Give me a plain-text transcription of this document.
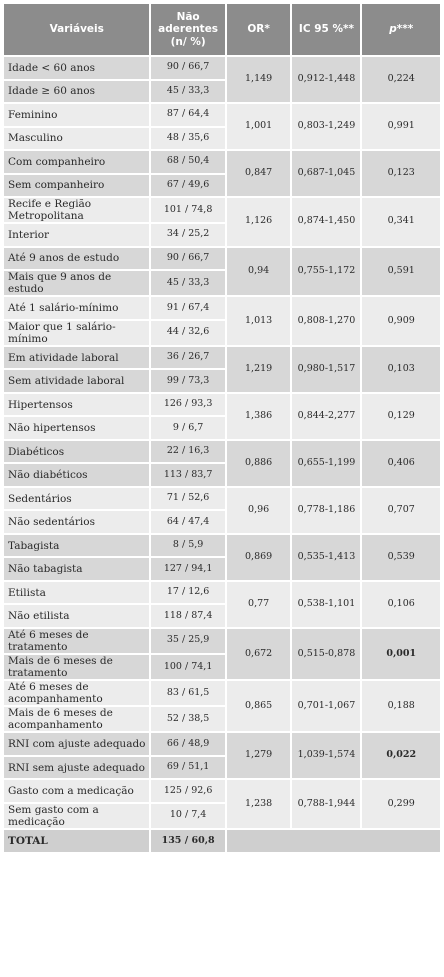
Variáveis	Não aderentes (n/ %)	OR*	IC 95 %**	p***
Idade < 60 anos	90 / 66,7	1,149	0,912-1,448	0,224
Idade ≥ 60 anos	45 / 33,3			
Feminino	87 / 64,4	1,001	0,803-1,249	0,991
Masculino	48 / 35,6			
Com companheiro	68 / 50,4	0,847	0,687-1,045	0,123
Sem companheiro	67 / 49,6			
Recife e Região Metropolitana	101 / 74,8	1,126	0,874-1,450	0,341
Interior	34 / 25,2			
Até 9 anos de estudo	90 / 66,7	0,94	0,755-1,172	0,591
Mais que 9 anos de estudo	45 / 33,3			
Até 1 salário-mínimo	91 / 67,4	1,013	0,808-1,270	0,909
Maior que 1 salário-mínimo	44 / 32,6			
Em atividade laboral	36 / 26,7	1,219	0,980-1,517	0,103
Sem atividade laboral	99 / 73,3			
Hipertensos	126 / 93,3	1,386	0,844-2,277	0,129
Não hipertensos	9 / 6,7			
Diabéticos	22 / 16,3	0,886	0,655-1,199	0,406
Não diabéticos	113 / 83,7			
Sedentários	71 / 52,6	0,96	0,778-1,186	0,707
Não sedentários	64 / 47,4			
Tabagista	8 / 5,9	0,869	0,535-1,413	0,539
Não tabagista	127 / 94,1			
Etilista	17 / 12,6	0,77	0,538-1,101	0,106
Não etilista	118 / 87,4			
Até 6 meses de tratamento	35 / 25,9	0,672	0,515-0,878	0,001
Mais de 6 meses de tratamento	100 / 74,1			
Até 6 meses de acompanhamento	83 / 61,5	0,865	0,701-1,067	0,188
Mais de 6 meses de acompanhamento	52 / 38,5			
RNI com ajuste adequado	66 / 48,9	1,279	1,039-1,574	0,022
RNI sem ajuste adequado	69 / 51,1			
Gasto com a medicação	125 / 92,6	1,238	0,788-1,944	0,299
Sem gasto com a medicação	10 / 7,4			
TOTAL	135 / 60,8			
